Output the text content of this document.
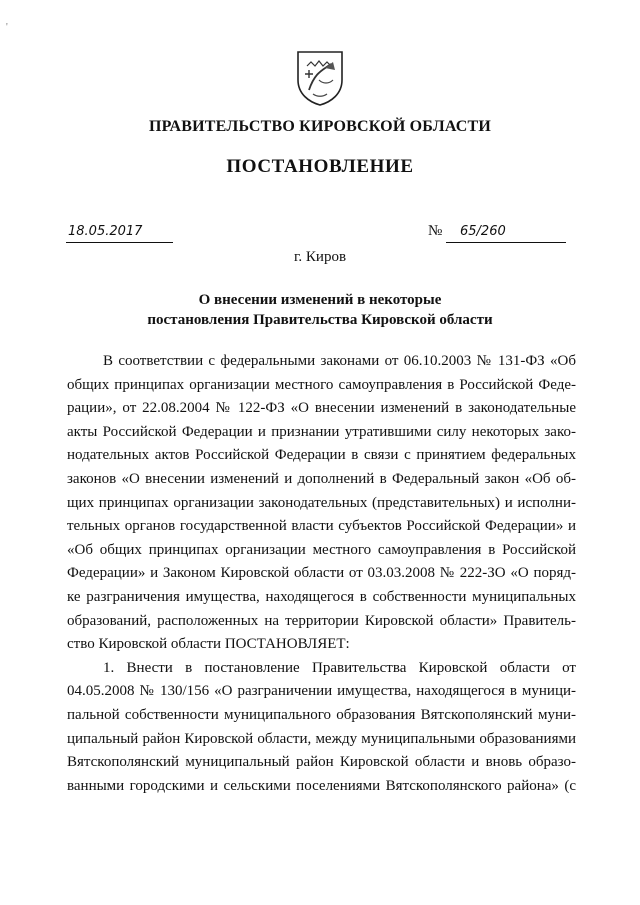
'
ПРАВИТЕЛЬСТВО КИРОВСКОЙ ОБЛАСТИ
ПОСТАНОВЛЕНИЕ
18.05.2017	№	65/260
г. Киров
О внесении изменений в некоторые
постановления Правительства Кировской области
В соответствии с федеральными законами от 06.10.2003 № 131-ФЗ «Об
общих принципах организации местного самоуправления в Российской Феде-
рации», от 22.08.2004 № 122-ФЗ «О внесении изменений в законодательные
акты Российской Федерации и признании утратившими силу некоторых зако-
нодательных актов Российской Федерации в связи с принятием федеральных
законов «О внесении изменений и дополнений в Федеральный закон «Об об-
щих принципах организации законодательных (представительных) и исполни-
тельных органов государственной власти субъектов Российской Федерации» и
«Об общих принципах организации местного самоуправления в Российской
Федерации» и Законом Кировской области от 03.03.2008 № 222-ЗО «О поряд-
ке разграничения имущества, находящегося в собственности муниципальных
образований, расположенных на территории Кировской области» Правитель-
ство Кировской области ПОСТАНОВЛЯЕТ:
1. Внести в постановление Правительства Кировской области от
04.05.2008 № 130/156 «О разграничении имущества, находящегося в муници-
пальной собственности муниципального образования Вятскополянский муни-
ципальный район Кировской области, между муниципальными образованиями
Вятскополянский муниципальный район Кировской области и вновь образо-
ванными городскими и сельскими поселениями Вятскополянского района» (с
